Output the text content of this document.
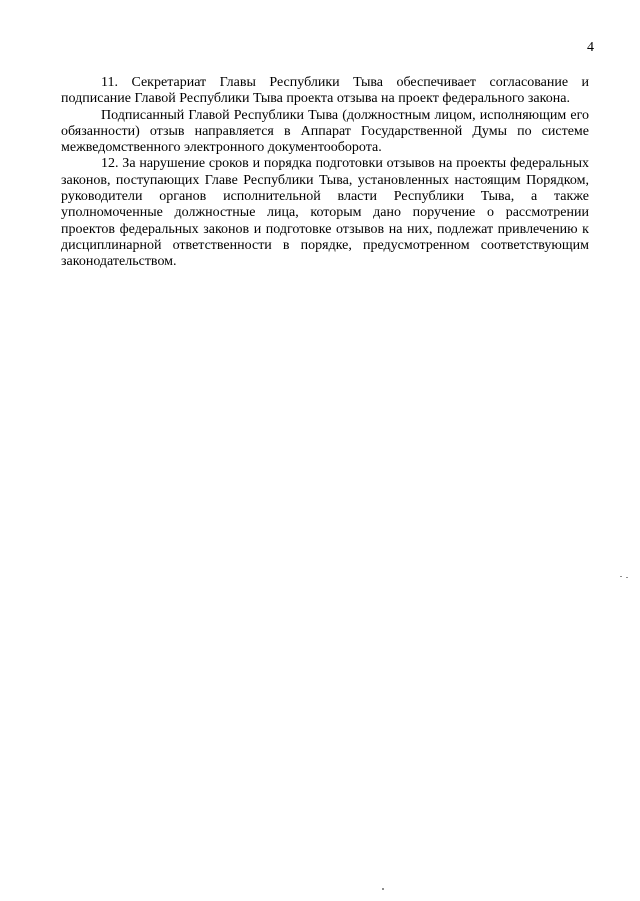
4

11. Секретариат Главы Республики Тыва обеспечивает согласование и подписание Главой Республики Тыва проекта отзыва на проект федерального закона.

Подписанный Главой Республики Тыва (должностным лицом, исполняющим его обязанности) отзыв направляется в Аппарат Государственной Думы по системе межведомственного электронного документооборота.

12. За нарушение сроков и порядка подготовки отзывов на проекты федеральных законов, поступающих Главе Республики Тыва, установленных настоящим Порядком, руководители органов исполнительной власти Республики Тыва, а также уполномоченные должностные лица, которым дано поручение о рассмотрении проектов федеральных законов и подготовке отзывов на них, подлежат привлечению к дисциплинарной ответственности в порядке, предусмотренном соответствующим законодательством.
